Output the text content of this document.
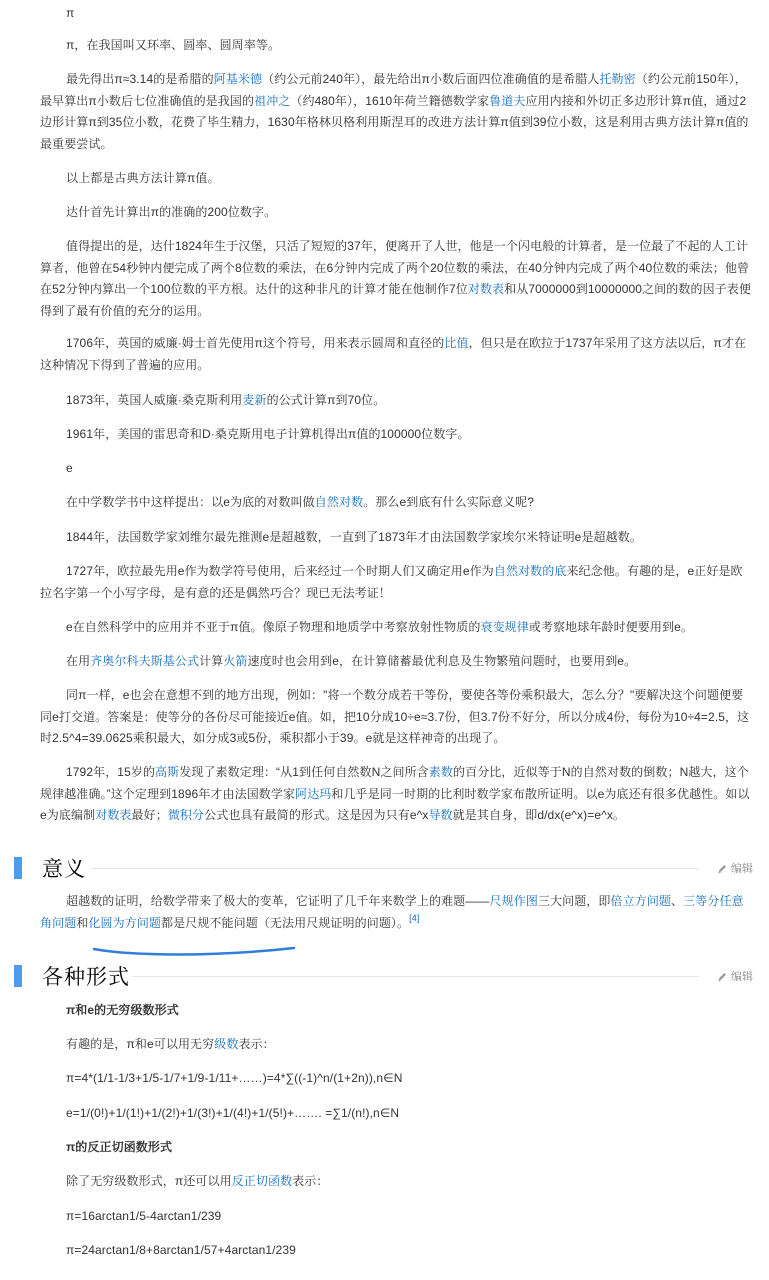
π

π，在我国叫又环率、圆率、圆周率等。

最先得出π≈3.14的是希腊的阿基米德（约公元前240年），最先给出π小数后面四位准确值的是希腊人托勒密（约公元前150年），最早算出π小数后七位准确值的是我国的祖冲之（约480年），1610年荷兰籍德数学家鲁道夫应用内接和外切正多边形计算π值，通过2边形计算π到35位小数，花费了毕生精力，1630年格林贝格利用斯涅耳的改进方法计算π值到39位小数，这是利用古典方法计算π值的最重要尝试。

以上都是古典方法计算π值。

达什首先计算出π的准确的200位数字。

值得提出的是，达什1824年生于汉堡，只活了短短的37年，便离开了人世，他是一个闪电般的计算者，是一位最了不起的人工计算者，他曾在54秒钟内便完成了两个8位数的乘法，在6分钟内完成了两个20位数的乘法，在40分钟内完成了两个40位数的乘法；他曾在52分钟内算出一个100位数的平方根。达什的这种非凡的计算才能在他制作7位对数表和从7000000到10000000之间的数的因子表便得到了最有价值的充分的运用。

1706年，英国的威廉·姆士首先使用π这个符号，用来表示圆周和直径的比值，但只是在欧拉于1737年采用了这方法以后，π才在这种情况下得到了普遍的应用。

1873年，英国人威廉·桑克斯利用麦新的公式计算π到70位。

1961年，美国的雷思奇和D·桑克斯用电子计算机得出π值的100000位数字。

e

在中学数学书中这样提出：以e为底的对数叫做自然对数。那么e到底有什么实际意义呢?

1844年，法国数学家刘维尔最先推测e是超越数，一直到了1873年才由法国数学家埃尔米特证明e是超越数。

1727年，欧拉最先用e作为数学符号使用，后来经过一个时期人们又确定用e作为自然对数的底来纪念他。有趣的是，e正好是欧拉名字第一个小写字母，是有意的还是偶然巧合？现已无法考证！

e在自然科学中的应用并不亚于π值。像原子物理和地质学中考察放射性物质的衰变规律或考察地球年龄时便要用到e。

在用齐奥尔科夫斯基公式计算火箭速度时也会用到e，在计算储蓄最优利息及生物繁殖问题时，也要用到e。

同π一样，e也会在意想不到的地方出现，例如："将一个数分成若干等份，要使各等份乘积最大，怎么分？"要解决这个问题便要同e打交道。答案是：使等分的各份尽可能接近e值。如，把10分成10÷e≈3.7份，但3.7份不好分，所以分成4份，每份为10÷4=2.5，这时2.5^4=39.0625乘积最大，如分成3或5份，乘积都小于39。e就是这样神奇的出现了。

1792年，15岁的高斯发现了素数定理：“从1到任何自然数N之间所含素数的百分比，近似等于N的自然对数的倒数；N越大，这个规律越准确。”这个定理到1896年才由法国数学家阿达玛和几乎是同一时期的比利时数学家布散所证明。以e为底还有很多优越性。如以e为底编制对数表最好；微积分公式也具有最简的形式。这是因为只有e^x导数就是其自身，即d/dx(e^x)=e^x。

意义	编辑

超越数的证明，给数学带来了极大的变革，它证明了几千年来数学上的难题——尺规作图三大问题，即倍立方问题、三等分任意角问题和化圆为方问题都是尺规不能问题（无法用尺规证明的问题）。[4]

各种形式	编辑

π和e的无穷级数形式

有趣的是，π和e可以用无穷级数表示：

π=4*(1/1-1/3+1/5-1/7+1/9-1/11+……)=4*∑((-1)^n/(1+2n)),n∈N

e=1/(0!)+1/(1!)+1/(2!)+1/(3!)+1/(4!)+1/(5!)+……. =∑1/(n!),n∈N

π的反正切函数形式

除了无穷级数形式，π还可以用反正切函数表示：

π=16arctan1/5-4arctan1/239

π=24arctan1/8+8arctan1/57+4arctan1/239
